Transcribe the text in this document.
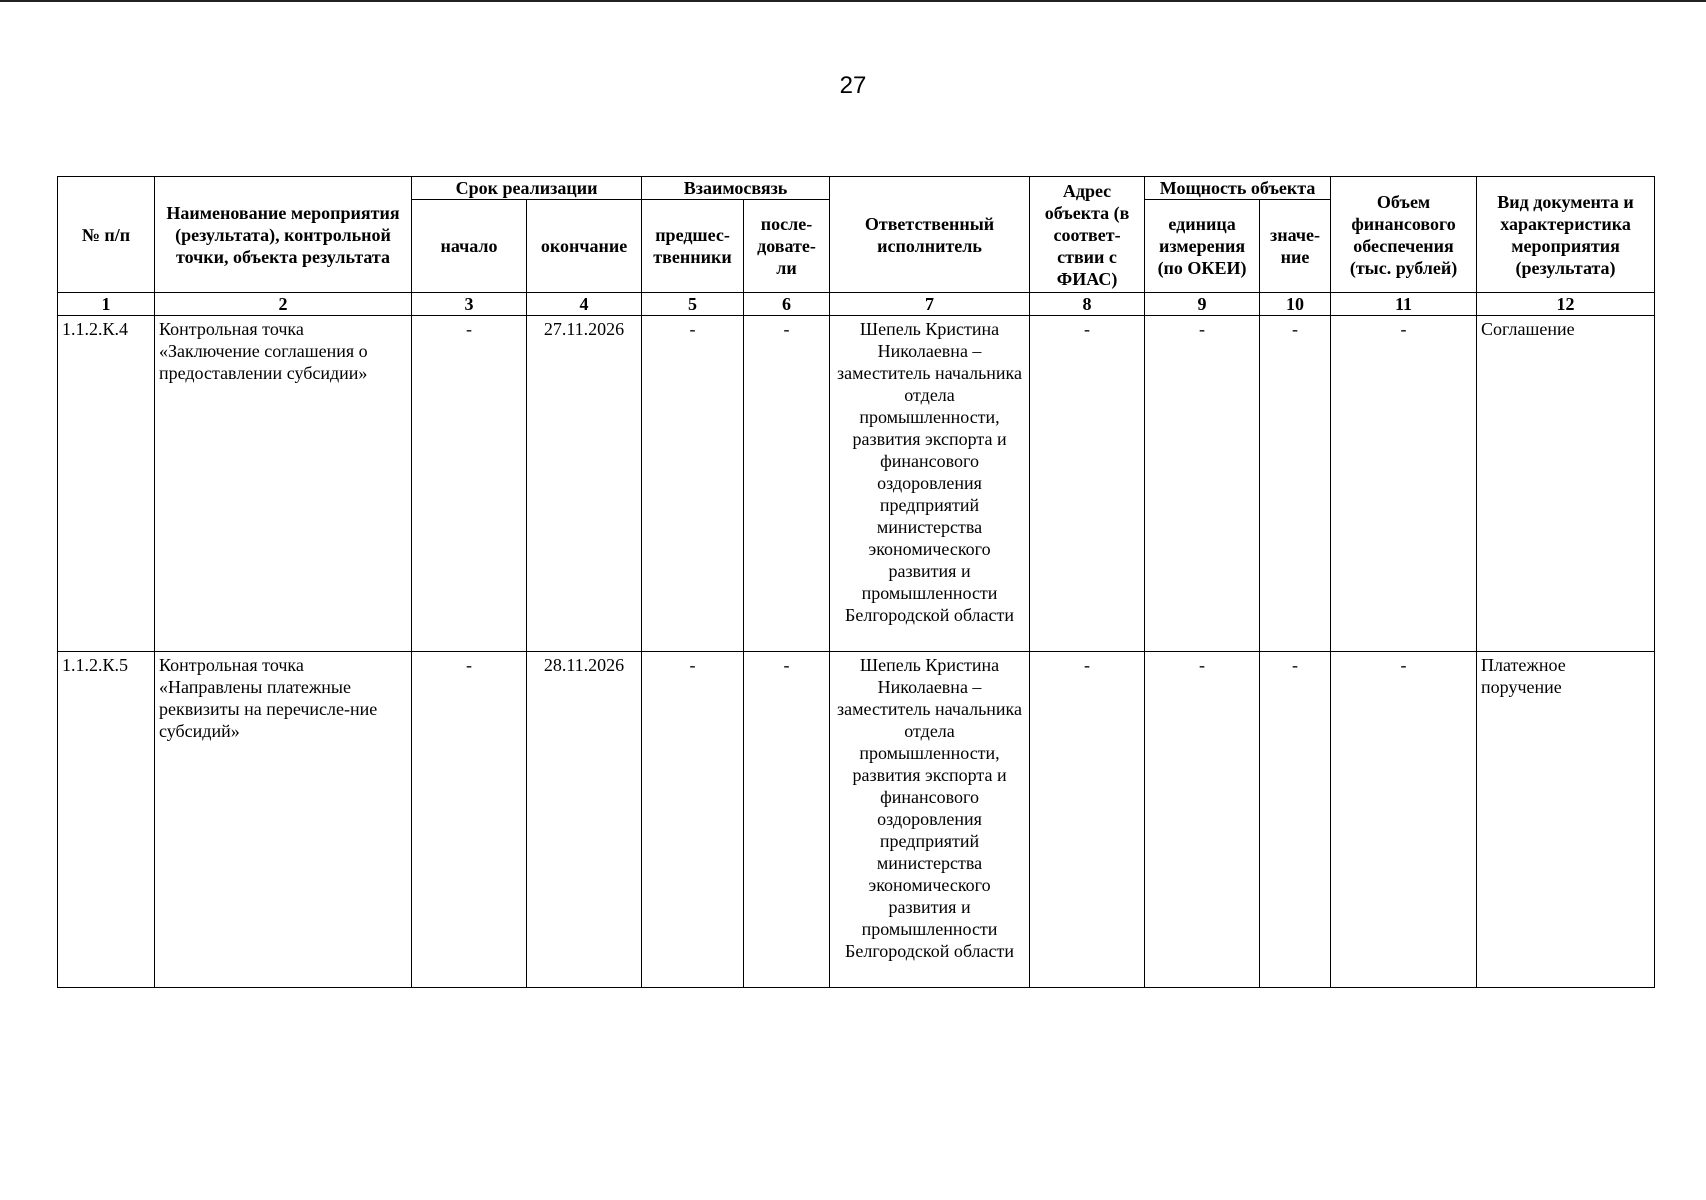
27
№ п/п	Наименование мероприятия (результата), контрольной точки, объекта результата	Срок реализации		Взаимосвязь		Ответственный исполнитель	Адрес объекта (в соответ-ствии с ФИАС)	Мощность объекта		Объем финансового обеспечения (тыс. рублей)	Вид документа и характеристика мероприятия (результата)
		начало	окончание	предшес-твенники	после-довате-ли			единица измерения (по ОКЕИ)	значе-ние		
1	2	3	4	5	6	7	8	9	10	11	12
1.1.2.К.4	Контрольная точка «Заключение соглашения о предоставлении субсидии»	-	27.11.2026	-	-	Шепель Кристина Николаевна – заместитель начальника отдела промышленности, развития экспорта и финансового оздоровления предприятий министерства экономического развития и промышленности Белгородской области	-	-	-	-	Соглашение
1.1.2.К.5	Контрольная точка «Направлены платежные реквизиты на перечисле-ние субсидий»	-	28.11.2026	-	-	Шепель Кристина Николаевна – заместитель начальника отдела промышленности, развития экспорта и финансового оздоровления предприятий министерства экономического развития и промышленности Белгородской области	-	-	-	-	Платежное поручение
